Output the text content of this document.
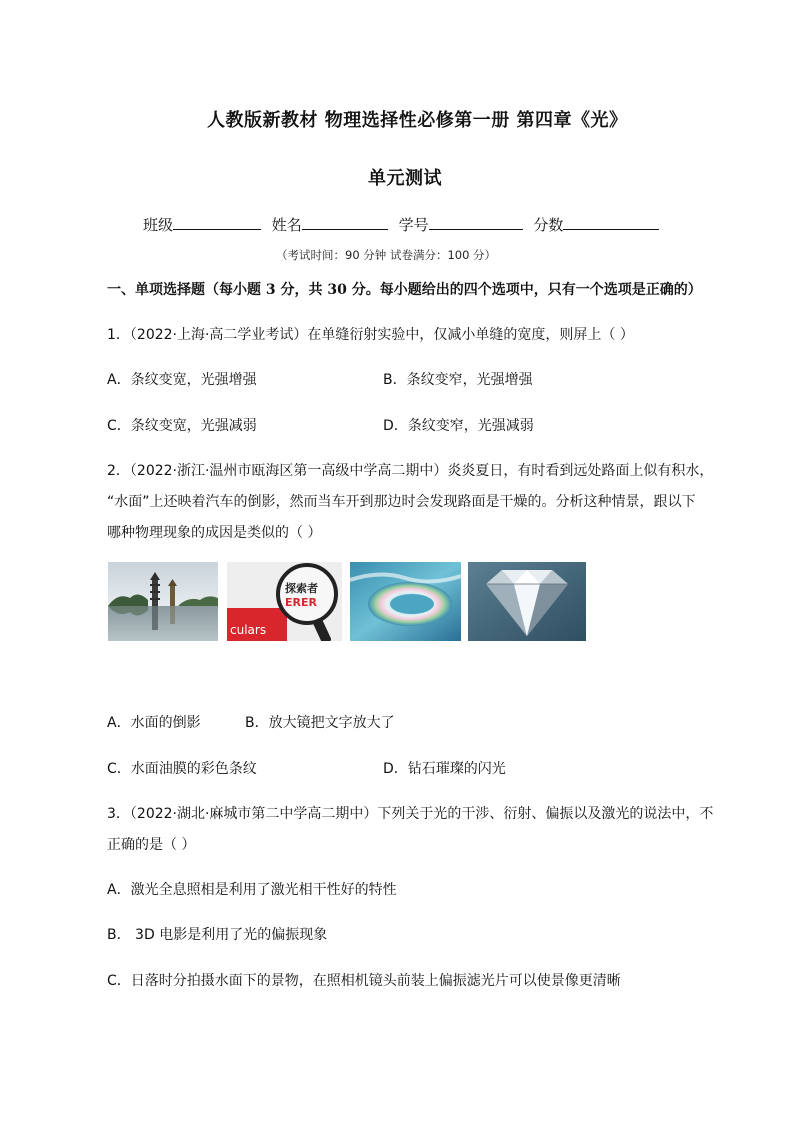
人教版新教材 物理选择性必修第一册 第四章《光》
单元测试
班级	姓名	学号	分数
（考试时间：90 分钟 试卷满分：100 分）
一、单项选择题（每小题 3 分，共 30 分。每小题给出的四个选项中，只有一个选项是正确的）
1．（2022·上海·高二学业考试）在单缝衍射实验中，仅减小单缝的宽度，则屏上（ ）
A．条纹变宽，光强增强	B．条纹变窄，光强增强
C．条纹变宽，光强减弱	D．条纹变窄，光强减弱
2．（2022·浙江·温州市瓯海区第一高级中学高二期中）炎炎夏日，有时看到远处路面上似有积水，
“水面”上还映着汽车的倒影，然而当车开到那边时会发现路面是干燥的。分析这种情景，跟以下
哪种物理现象的成因是类似的（ ）
culars
探索者
ERER
A．水面的倒影	B．放大镜把文字放大了
C．水面油膜的彩色条纹	D．钻石璀璨的闪光
3．（2022·湖北·麻城市第二中学高二期中）下列关于光的干涉、衍射、偏振以及激光的说法中，不
正确的是（ ）
A．激光全息照相是利用了激光相干性好的特性
B． 3D 电影是利用了光的偏振现象
C．日落时分拍摄水面下的景物，在照相机镜头前装上偏振滤光片可以使景像更清晰
